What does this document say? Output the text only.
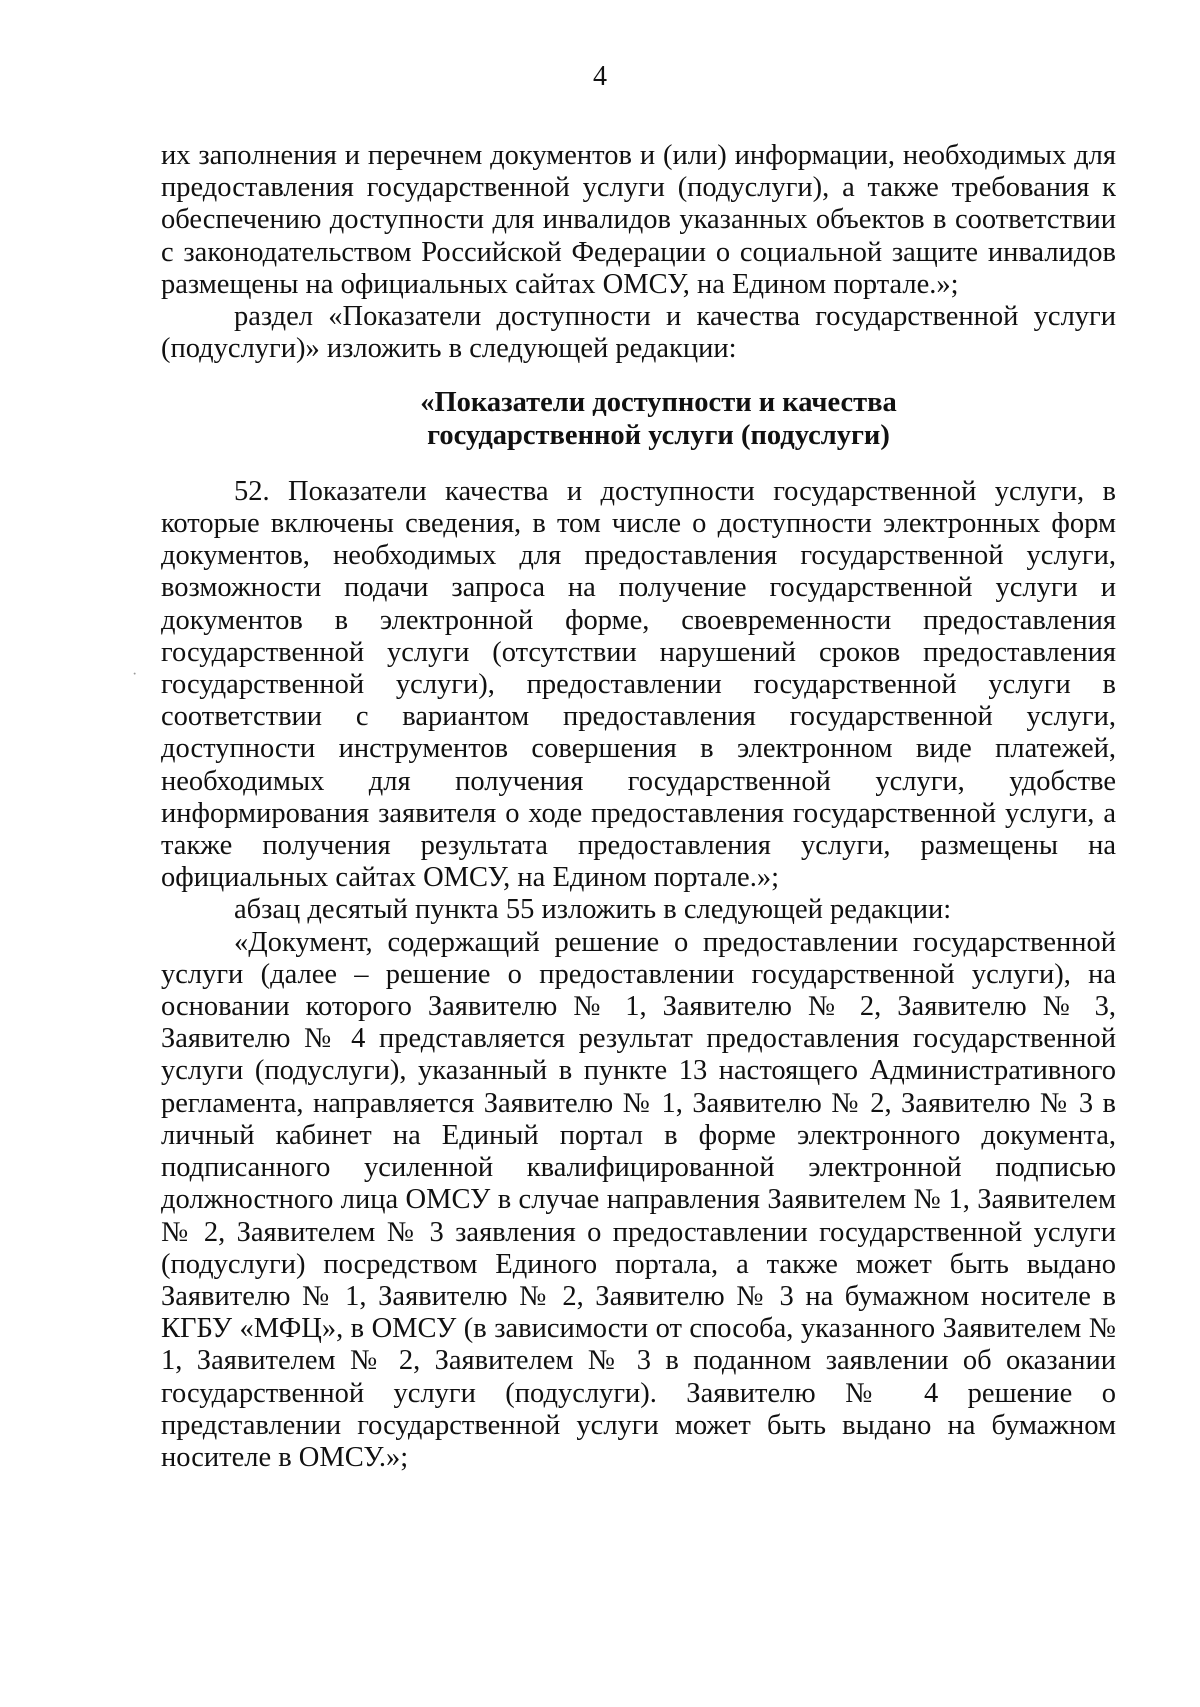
4
·

их заполнения и перечнем документов и (или) информации, необходимых для предоставления государственной услуги (подуслуги), а также требования к обеспечению доступности для инвалидов указанных объектов в соответствии с законодательством Российской Федерации о социальной защите инвалидов размещены на официальных сайтах ОМСУ, на Едином портале.»;

раздел «Показатели доступности и качества государственной услуги (подуслуги)» изложить в следующей редакции:

«Показатели доступности и качества
государственной услуги (подуслуги)

52. Показатели качества и доступности государственной услуги, в которые включены сведения, в том числе о доступности электронных форм документов, необходимых для предоставления государственной услуги, возможности подачи запроса на получение государственной услуги и документов в электронной форме, своевременности предоставления государственной услуги (отсутствии нарушений сроков предоставления государственной услуги), предоставлении государственной услуги в соответствии с вариантом предоставления государственной услуги, доступности инструментов совершения в электронном виде платежей, необходимых для получения государственной услуги, удобстве информирования заявителя о ходе предоставления государственной услуги, а также получения результата предоставления услуги, размещены на официальных сайтах ОМСУ, на Едином портале.»;

абзац десятый пункта 55 изложить в следующей редакции:

«Документ, содержащий решение о предоставлении государственной услуги (далее – решение о предоставлении государственной услуги), на основании которого Заявителю № 1, Заявителю № 2, Заявителю № 3, Заявителю № 4 представляется результат предоставления государственной услуги (подуслуги), указанный в пункте 13 настоящего Административного регламента, направляется Заявителю № 1, Заявителю № 2, Заявителю № 3 в личный кабинет на Единый портал в форме электронного документа, подписанного усиленной квалифицированной электронной подписью должностного лица ОМСУ в случае направления Заявителем № 1, Заявителем № 2, Заявителем № 3 заявления о предоставлении государственной услуги (подуслуги) посредством Единого портала, а также может быть выдано Заявителю № 1, Заявителю № 2, Заявителю № 3 на бумажном носителе в КГБУ «МФЦ», в ОМСУ (в зависимости от способа, указанного Заявителем № 1, Заявителем № 2, Заявителем № 3 в поданном заявлении об оказании государственной услуги (подуслуги). Заявителю № 4 решение о представлении государственной услуги может быть выдано на бумажном носителе в ОМСУ.»;
